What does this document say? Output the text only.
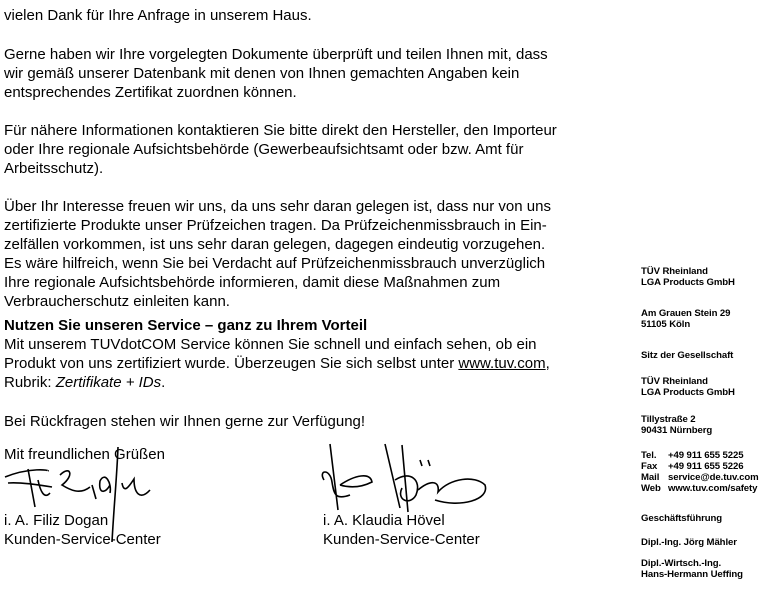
vielen Dank für Ihre Anfrage in unserem Haus.
Gerne haben wir Ihre vorgelegten Dokumente überprüft und teilen Ihnen mit, dass
wir gemäß unserer Datenbank mit denen von Ihnen gemachten Angaben kein
entsprechendes Zertifikat zuordnen können.
Für nähere Informationen kontaktieren Sie bitte direkt den Hersteller, den Importeur
oder Ihre regionale Aufsichtsbehörde (Gewerbeaufsichtsamt oder bzw. Amt für
Arbeitsschutz).
Über Ihr Interesse freuen wir uns, da uns sehr daran gelegen ist, dass nur von uns
zertifizierte Produkte unser Prüfzeichen tragen. Da Prüfzeichenmissbrauch in Ein-
zelfällen vorkommen, ist uns sehr daran gelegen, dagegen eindeutig vorzugehen.
Es wäre hilfreich, wenn Sie bei Verdacht auf Prüfzeichenmissbrauch unverzüglich
Ihre regionale Aufsichtsbehörde informieren, damit diese Maßnahmen zum
Verbraucherschutz einleiten kann.
Nutzen Sie unseren Service – ganz zu Ihrem Vorteil
Mit unserem TUVdotCOM Service können Sie schnell und einfach sehen, ob ein
Produkt von uns zertifiziert wurde. Überzeugen Sie sich selbst unter www.tuv.com,
Rubrik: Zertifikate + IDs.
Bei Rückfragen stehen wir Ihnen gerne zur Verfügung!
Mit freundlichen Grüßen
i. A. Filiz Dogan
Kunden-Service-Center
i. A. Klaudia Hövel
Kunden-Service-Center
TÜV Rheinland
LGA Products GmbH
Am Grauen Stein 29
51105 Köln
Sitz der Gesellschaft
TÜV Rheinland
LGA Products GmbH
Tillystraße 2
90431 Nürnberg
Tel. +49 911 655 5225
Fax +49 911 655 5226
Mail service@de.tuv.com
Web www.tuv.com/safety
Geschäftsführung
Dipl.-Ing. Jörg Mähler
Dipl.-Wirtsch.-Ing.
Hans-Hermann Ueffing
